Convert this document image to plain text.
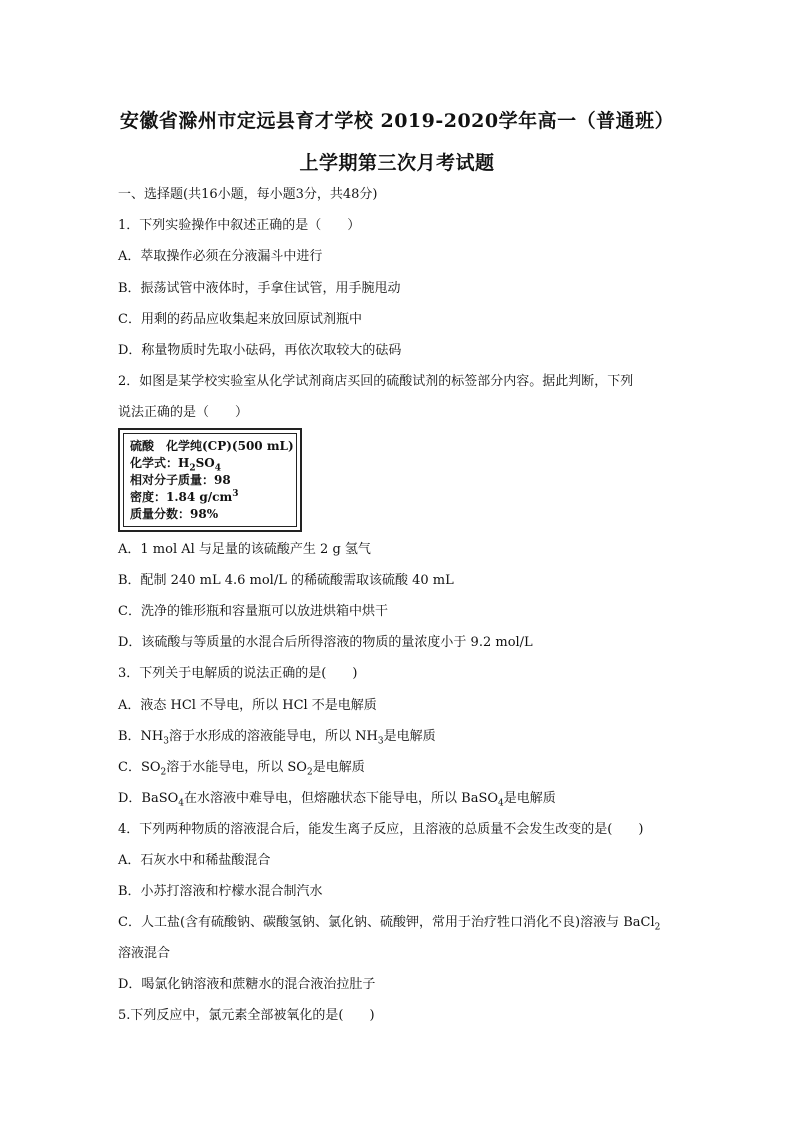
安徽省滁州市定远县育才学校 2019-2020学年高一（普通班）
上学期第三次月考试题
一、选择题(共16小题，每小题3分，共48分)
1．下列实验操作中叙述正确的是（　　）
A．萃取操作必须在分液漏斗中进行
B．振荡试管中液体时，手拿住试管，用手腕甩动
C．用剩的药品应收集起来放回原试剂瓶中
D．称量物质时先取小砝码，再依次取较大的砝码
2．如图是某学校实验室从化学试剂商店买回的硫酸试剂的标签部分内容。据此判断，下列
说法正确的是（　　）
硫酸　化学纯(CP)(500 mL)
化学式：$H_2SO_4$
相对分子质量：98
密度：1.84 $g/cm^3$
质量分数：98%
A．1 mol Al 与足量的该硫酸产生 2 g 氢气
B．配制 240 mL 4.6 mol/L 的稀硫酸需取该硫酸 40 mL
C．洗净的锥形瓶和容量瓶可以放进烘箱中烘干
D．该硫酸与等质量的水混合后所得溶液的物质的量浓度小于 9.2 mol/L
3．下列关于电解质的说法正确的是(　　)
A．液态 HCl 不导电，所以 HCl 不是电解质
B．$NH_3$溶于水形成的溶液能导电，所以 $NH_3$是电解质
C．$SO_2$溶于水能导电，所以 $SO_2$是电解质
D．BaSO$_4$在水溶液中难导电，但熔融状态下能导电，所以 BaSO$_4$是电解质
4．下列两种物质的溶液混合后，能发生离子反应，且溶液的总质量不会发生改变的是(　　)
A．石灰水中和稀盐酸混合
B．小苏打溶液和柠檬水混合制汽水
C．人工盐(含有硫酸钠、碳酸氢钠、氯化钠、硫酸钾，常用于治疗牲口消化不良)溶液与 BaCl$_2$
溶液混合
D．喝氯化钠溶液和蔗糖水的混合液治拉肚子
5.下列反应中，氯元素全部被氧化的是(　　)
